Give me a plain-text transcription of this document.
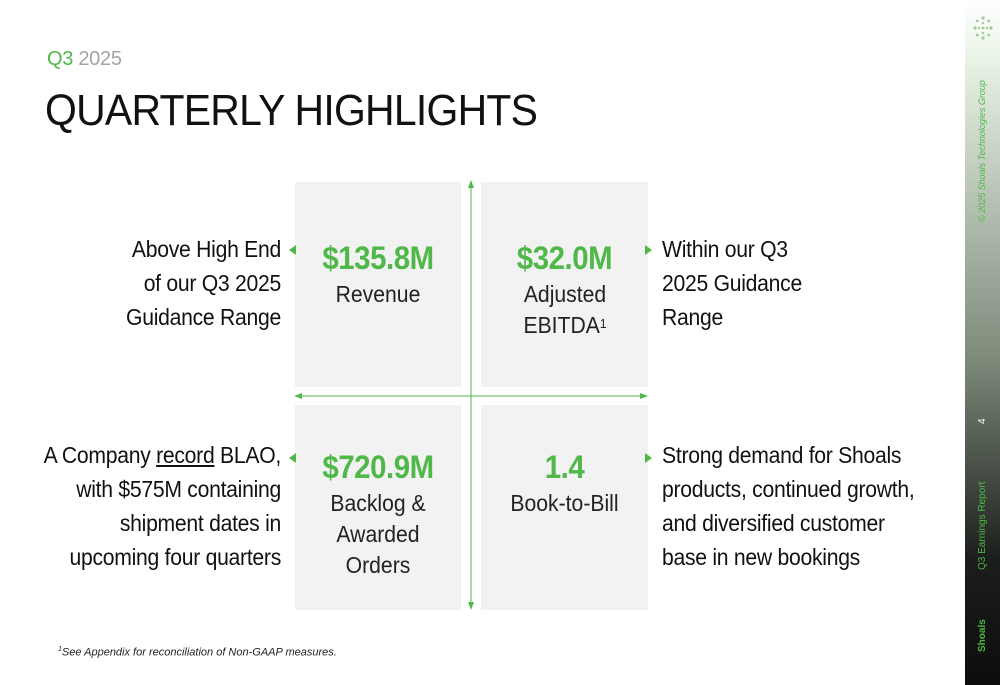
Q3 2025
QUARTERLY HIGHLIGHTS
$135.8M
Revenue
$32.0M
Adjusted EBITDA$^1$
$720.9M
Backlog & Awarded Orders
1.4
Book-to-Bill
Above High End
of our Q3 2025
Guidance Range
Within our Q3
2025 Guidance
Range
A Company record BLAO,
with $575M containing
shipment dates in
upcoming four quarters
Strong demand for Shoals
products, continued growth,
and diversified customer
base in new bookings
$^1$See Appendix for reconciliation of Non-GAAP measures.
© 2025 Shoals Technologies Group
4
Q3 Earnings Report
Shoals
